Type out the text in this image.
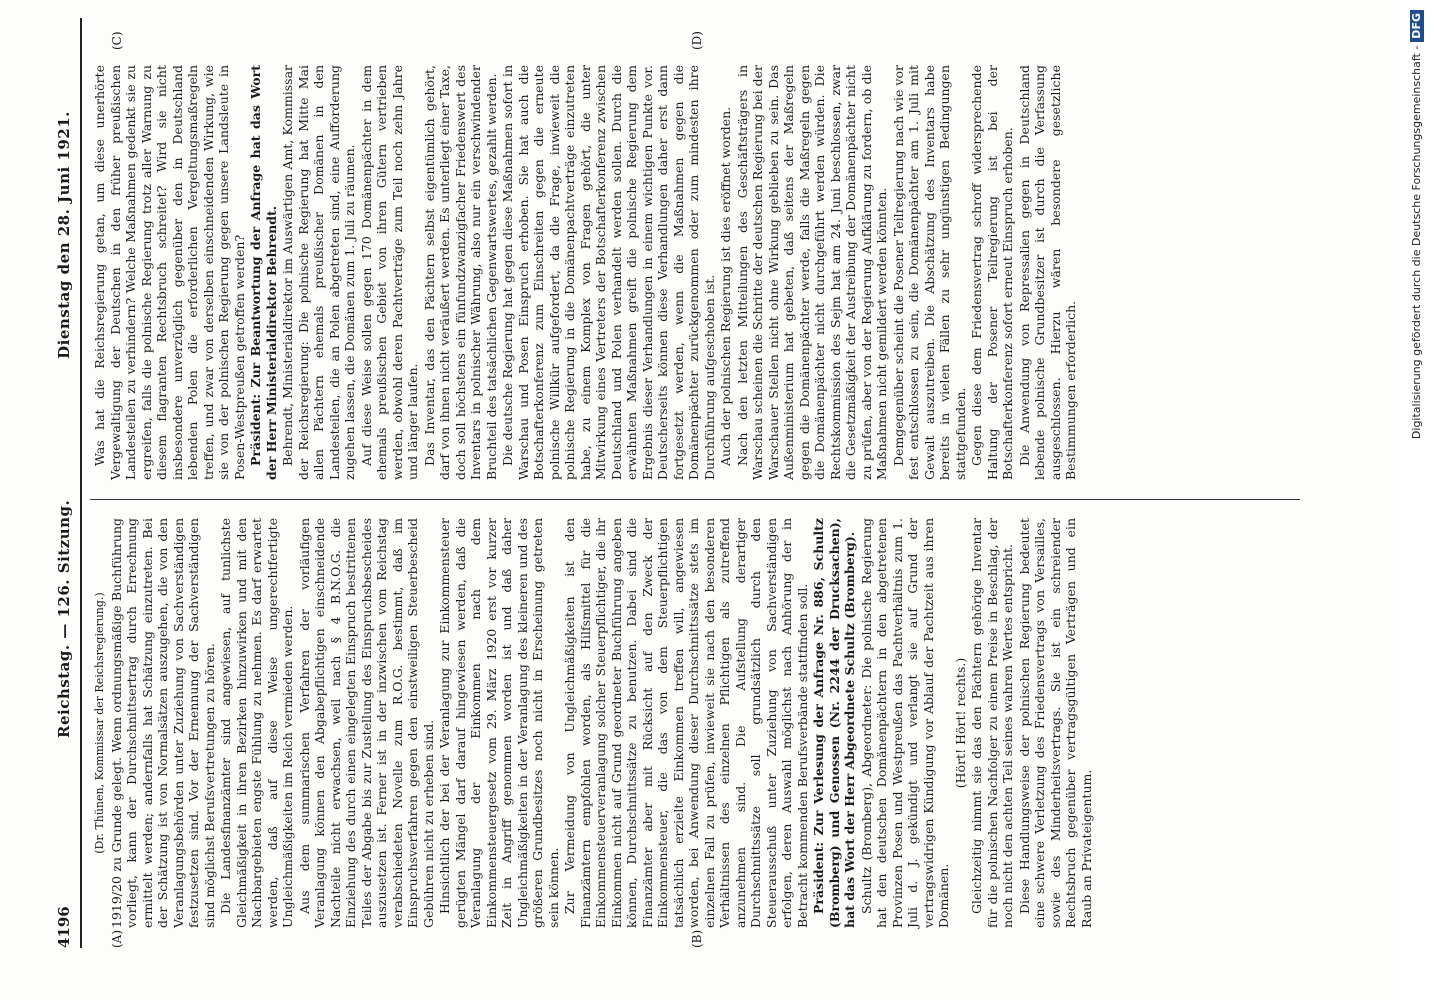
4196
Reichstag. — 126. Sitzung.
Dienstag den 28. Juni 1921.
(A)	(B)
(C)	(D)

(Dr. Thünen, Kommissar der Reichsregierung.) 1919/20 zu Grunde gelegt. Wenn ordnungsmäßige Buchführung vorliegt, kann der Durchschnittsertrag durch Errechnung ermittelt werden; andernfalls hat Schätzung einzutreten. Bei der Schätzung ist von Normalsätzen auszugehen, die von den Veranlagungsbehörden unter Zuziehung von Sachverständigen festzusetzen sind. Vor der Ernennung der Sachverständigen sind möglichst Berufsvertretungen zu hören. Die Landesfinanzämter sind angewiesen, auf tunlichste Gleichmäßigkeit in ihren Bezirken hinzuwirken und mit den Nachbargebieten engste Fühlung zu nehmen. Es darf erwartet werden, daß auf diese Weise ungerechtfertigte Ungleichmäßigkeiten im Reich vermieden werden. Aus dem summarischen Verfahren der vorläufigen Veranlagung können den Abgabepflichtigen einschneidende Nachteile nicht erwachsen, weil nach § 4 B.N.O.G. die Einziehung des durch einen eingelegten Einspruch bestrittenen Teiles der Abgabe bis zur Zustellung des Einspruchsbescheides auszusetzen ist. Ferner ist in der inzwischen vom Reichstag verabschiedeten Novelle zum R.O.G. bestimmt, daß im Einspruchsverfahren gegen den einstweiligen Steuerbescheid Gebühren nicht zu erheben sind. Hinsichtlich der bei der Veranlagung zur Einkommensteuer gerügten Mängel darf darauf hingewiesen werden, daß die Veranlagung der Einkommen nach dem Einkommensteuergesetz vom 29. März 1920 erst vor kurzer Zeit in Angriff genommen worden ist und daß daher Ungleichmäßigkeiten in der Veranlagung des kleineren und des größeren Grundbesitzes noch nicht in Erscheinung getreten sein können. Zur Vermeidung von Ungleichmäßigkeiten ist den Finanzämtern empfohlen worden, als Hilfsmittel für die Einkommensteuerveranlagung solcher Steuerpflichtiger, die ihr Einkommen nicht auf Grund geordneter Buchführung angeben können, Durchschnittssätze zu benutzen. Dabei sind die Finanzämter aber mit Rücksicht auf den Zweck der Einkommensteuer, die das von dem Steuerpflichtigen tatsächlich erzielte Einkommen treffen will, angewiesen worden, bei Anwendung dieser Durchschnittssätze stets im einzelnen Fall zu prüfen, inwieweit sie nach den besonderen Verhältnissen des einzelnen Pflichtigen als zutreffend anzunehmen sind. Die Aufstellung derartiger Durchschnittssätze soll grundsätzlich durch den Steuerausschuß unter Zuziehung von Sachverständigen erfolgen, deren Auswahl möglichst nach Anhörung der in Betracht kommenden Berufsverbände stattfinden soll. Präsident: Zur Verlesung der Anfrage Nr. 886, Schultz (Bromberg) und Genossen (Nr. 2244 der Drucksachen), hat das Wort der Herr Abgeordnete Schultz (Bromberg). Schultz (Bromberg), Abgeordneter: Die polnische Regierung hat den deutschen Domänenpächtern in den abgetretenen Provinzen Posen und Westpreußen das Pachtverhältnis zum 1. Juli d. J. gekündigt und verlangt sie auf Grund der vertragswidrigen Kündigung vor Ablauf der Pachtzeit aus ihren Domänen.

(Hört! Hört! rechts.) Gleichzeitig nimmt sie das den Pächtern gehörige Inventar für die polnischen Nachfolger zu einem Preise in Beschlag, der noch nicht den achten Teil seines wahren Wertes entspricht. Diese Handlungsweise der polnischen Regierung bedeutet eine schwere Verletzung des Friedensvertrags von Versailles, sowie des Minderheitsvertrags. Sie ist ein schreiender Rechtsbruch gegenüber vertragsgültigen Verträgen und ein Raub an Privateigentum.

Was hat die Reichsregierung getan, um diese unerhörte Vergewaltigung der Deutschen in den früher preußischen Landesteilen zu verhindern? Welche Maßnahmen gedenkt sie zu ergreifen, falls die polnische Regierung trotz aller Warnung zu diesem flagranten Rechtsbruch schreitet? Wird sie nicht insbesondere unverzüglich gegenüber den in Deutschland lebenden Polen die erforderlichen Vergeltungsmaßregeln treffen, und zwar von derselben einschneidenden Wirkung, wie sie von der polnischen Regierung gegen unsere Landsleute in Posen-Westpreußen getroffen werden? Präsident: Zur Beantwortung der Anfrage hat das Wort der Herr Ministerialdirektor Behrendt. Behrendt, Ministerialdirektor im Auswärtigen Amt, Kommissar der Reichsregierung: Die polnische Regierung hat Mitte Mai allen Pächtern ehemals preußischer Domänen in den Landesteilen, die an Polen abgetreten sind, eine Aufforderung zugehen lassen, die Domänen zum 1. Juli zu räumen. Auf diese Weise sollen gegen 170 Domänenpächter in dem ehemals preußischen Gebiet von ihren Gütern vertrieben werden, obwohl deren Pachtverträge zum Teil noch zehn Jahre und länger laufen. Das Inventar, das den Pächtern selbst eigentümlich gehört, darf von ihnen nicht veräußert werden. Es unterliegt einer Taxe, doch soll höchstens ein fünfundzwanzigfacher Friedenswert des Inventars in polnischer Währung, also nur ein verschwindender Bruchteil des tatsächlichen Gegenwartswertes, gezahlt werden. Die deutsche Regierung hat gegen diese Maßnahmen sofort in Warschau und Posen Einspruch erhoben. Sie hat auch die Botschafterkonferenz zum Einschreiten gegen die erneute polnische Willkür aufgefordert, da die Frage, inwieweit die polnische Regierung in die Domänenpachtverträge einzutreten habe, zu einem Komplex von Fragen gehört, die unter Mitwirkung eines Vertreters der Botschafterkonferenz zwischen Deutschland und Polen verhandelt werden sollen. Durch die erwähnten Maßnahmen greift die polnische Regierung dem Ergebnis dieser Verhandlungen in einem wichtigen Punkte vor. Deutscherseits können diese Verhandlungen daher erst dann fortgesetzt werden, wenn die Maßnahmen gegen die Domänenpächter zurückgenommen oder zum mindesten ihre Durchführung aufgeschoben ist. Auch der polnischen Regierung ist dies eröffnet worden. Nach den letzten Mitteilungen des Geschäftsträgers in Warschau scheinen die Schritte der deutschen Regierung bei der Warschauer Stellen nicht ohne Wirkung geblieben zu sein. Das Außenministerium hat gebeten, daß seitens der Maßregeln gegen die Domänenpächter werde, falls die Maßregeln gegen die Domänenpächter nicht durchgeführt werden würden. Die Rechtskommission des Sejm hat am 24. Juni beschlossen, zwar die Gesetzmäßigkeit der Austreibung der Domänenpächter nicht zu prüfen, aber von der Regierung Aufklärung zu fordern, ob die Maßnahmen nicht gemildert werden könnten. Demgegenüber scheint die Posener Teilregierung nach wie vor fest entschlossen zu sein, die Domänenpächter am 1. Juli mit Gewalt auszutreiben. Die Abschätzung des Inventars habe bereits in vielen Fällen zu sehr ungünstigen Bedingungen stattgefunden. Gegen diese dem Friedensvertrag schroff widersprechende Haltung der Posener Teilregierung ist bei der Botschafterkonferenz sofort erneut Einspruch erhoben. Die Anwendung von Repressalien gegen in Deutschland lebende polnische Grundbesitzer ist durch die Verfassung ausgeschlossen. Hierzu wären besondere gesetzliche Bestimmungen erforderlich.	Digitalisierung gefördert durch die Deutsche Forschungsgemeinschaft -DFG
